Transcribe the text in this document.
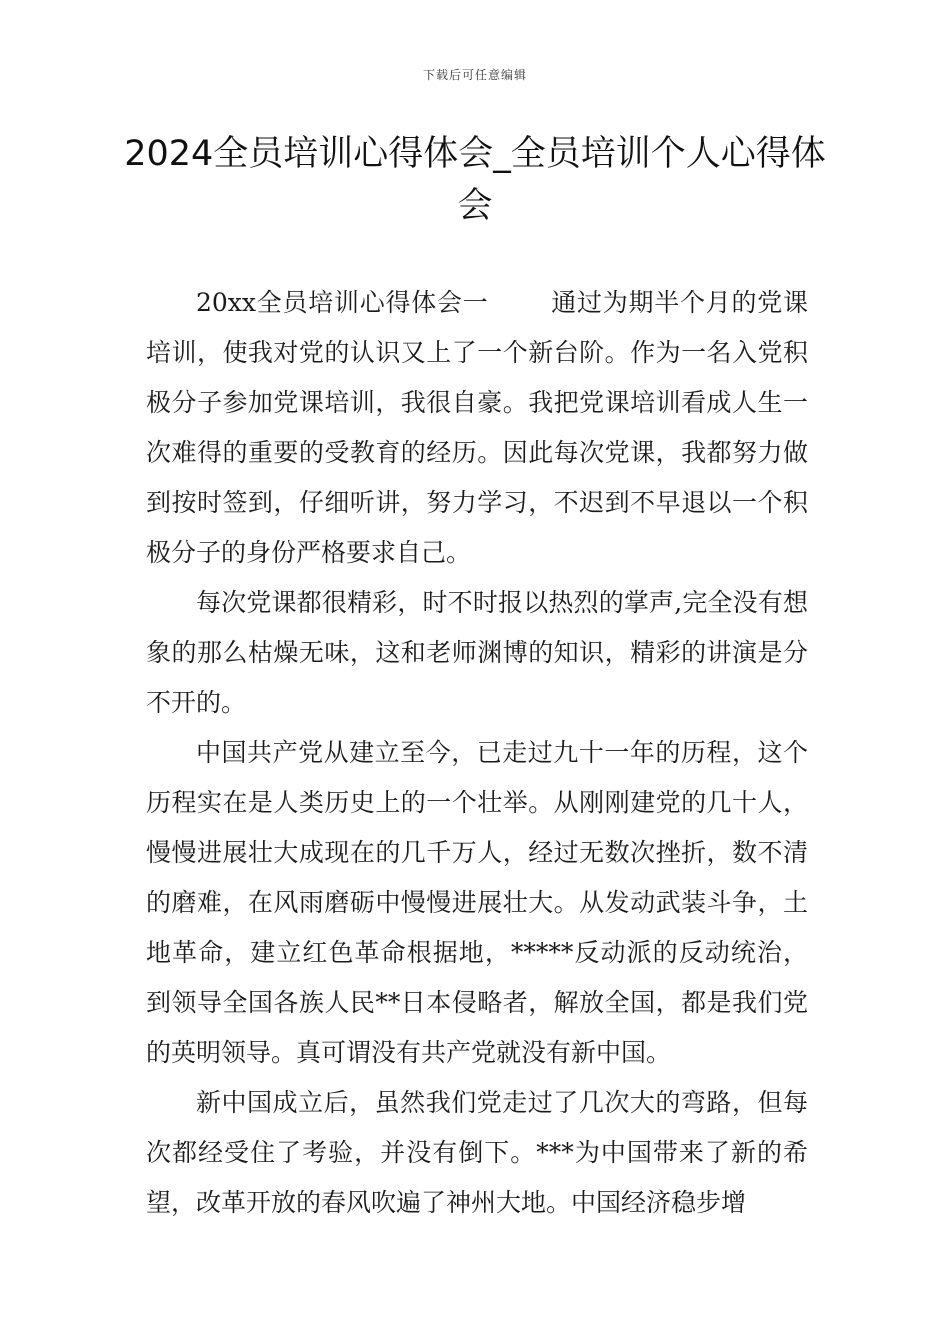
下载后可任意编辑
2024全员培训心得体会_全员培训个人心得体会

20xx全员培训心得体会一 通过为期半个月的党课培训，使我对党的认识又上了一个新台阶。作为一名入党积极分子参加党课培训，我很自豪。我把党课培训看成人生一次难得的重要的受教育的经历。因此每次党课，我都努力做到按时签到，仔细听讲，努力学习，不迟到不早退以一个积极分子的身份严格要求自己。

每次党课都很精彩，时不时报以热烈的掌声,完全没有想象的那么枯燥无味，这和老师渊博的知识，精彩的讲演是分不开的。

中国共产党从建立至今，已走过九十一年的历程，这个历程实在是人类历史上的一个壮举。从刚刚建党的几十人，慢慢进展壮大成现在的几千万人，经过无数次挫折，数不清的磨难，在风雨磨砺中慢慢进展壮大。从发动武装斗争，土地革命，建立红色革命根据地，*****反动派的反动统治，到领导全国各族人民**日本侵略者，解放全国，都是我们党的英明领导。真可谓没有共产党就没有新中国。

新中国成立后，虽然我们党走过了几次大的弯路，但每次都经受住了考验，并没有倒下。***为中国带来了新的希望，改革开放的春风吹遍了神州大地。中国经济稳步增
